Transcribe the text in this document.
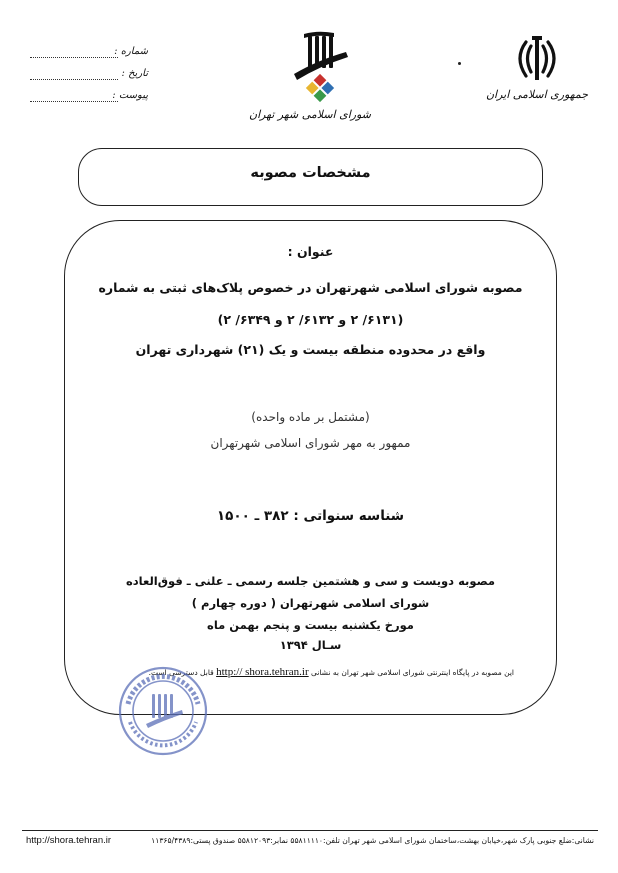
شماره :
تاریخ :
پیوست :
شورای اسلامی شهر تهران
جمهوری اسلامی ایران
مشخصات مصوبه
عنوان :
مصوبه شورای اسلامی شهرتهران در خصوص پلاک‌های ثبتی به شماره
(۶۱۳۱/ ۲ و ۶۱۳۲/ ۲ و ۶۳۴۹/ ۲)
واقع در محدوده منطقه بیست و یک (۲۱) شهرداری تهران
(مشتمل بر ماده واحده)
ممهور به مهر شورای اسلامی شهرتهران
شناسه سنواتی : ۳۸۲ ـ ۱۵۰۰
مصوبه دویست و سی و هشتمین جلسه رسمی ـ علنی ـ فوق‌العاده
شورای اسلامی شهرتهران ( دوره چهارم )
مورخ یکشنبه بیست و پنجم بهمن ماه
سـال ۱۳۹۴
این مصوبه در پایگاه اینترنتی شورای اسلامی شهر تهران به نشانی http:// shora.tehran.ir قابل دسترسی است.
http://shora.tehran.ir	نشانی:ضلع جنوبی پارک شهر،خیابان بهشت،ساختمان شورای اسلامی شهر تهران تلفن:۵۵۸۱۱۱۱۰ نمابر:۵۵۸۱۲۰۹۳ صندوق پستی:۱۱۳۶۵/۴۳۸۹
